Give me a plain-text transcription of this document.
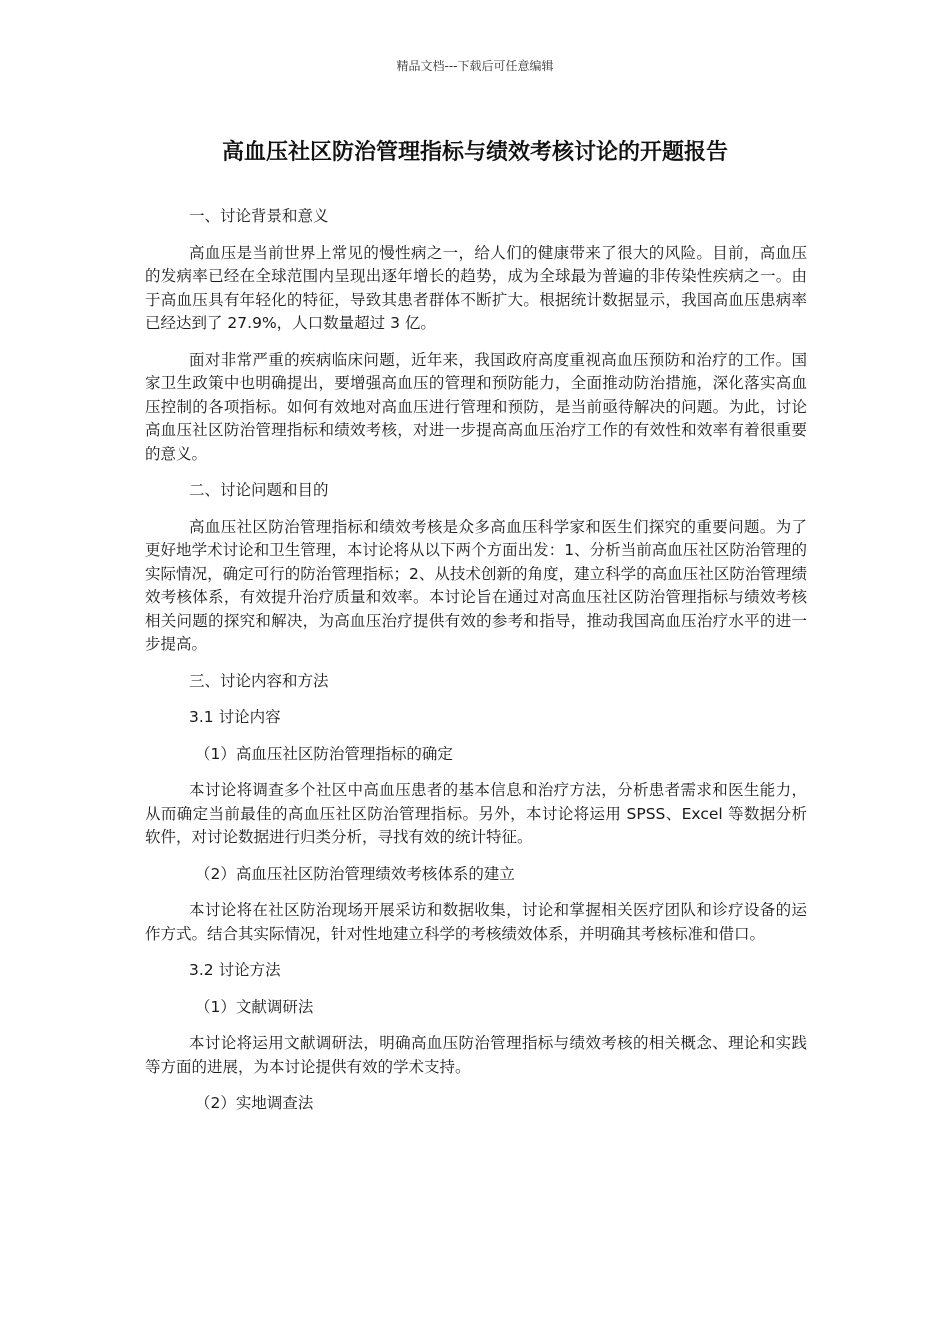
精品文档---下载后可任意编辑
高血压社区防治管理指标与绩效考核讨论的开题报告

一、讨论背景和意义

高血压是当前世界上常见的慢性病之一，给人们的健康带来了很大的风险。目前，高血压的发病率已经在全球范围内呈现出逐年增长的趋势，成为全球最为普遍的非传染性疾病之一。由于高血压具有年轻化的特征，导致其患者群体不断扩大。根据统计数据显示，我国高血压患病率已经达到了 27.9%，人口数量超过 3 亿。

面对非常严重的疾病临床问题，近年来，我国政府高度重视高血压预防和治疗的工作。国家卫生政策中也明确提出，要增强高血压的管理和预防能力，全面推动防治措施，深化落实高血压控制的各项指标。如何有效地对高血压进行管理和预防，是当前亟待解决的问题。为此，讨论高血压社区防治管理指标和绩效考核，对进一步提高高血压治疗工作的有效性和效率有着很重要的意义。

二、讨论问题和目的

高血压社区防治管理指标和绩效考核是众多高血压科学家和医生们探究的重要问题。为了更好地学术讨论和卫生管理，本讨论将从以下两个方面出发：1、分析当前高血压社区防治管理的实际情况，确定可行的防治管理指标；2、从技术创新的角度，建立科学的高血压社区防治管理绩效考核体系，有效提升治疗质量和效率。本讨论旨在通过对高血压社区防治管理指标与绩效考核相关问题的探究和解决，为高血压治疗提供有效的参考和指导，推动我国高血压治疗水平的进一步提高。

三、讨论内容和方法

3.1 讨论内容

（1）高血压社区防治管理指标的确定

本讨论将调查多个社区中高血压患者的基本信息和治疗方法，分析患者需求和医生能力，从而确定当前最佳的高血压社区防治管理指标。另外，本讨论将运用 SPSS、Excel 等数据分析软件，对讨论数据进行归类分析，寻找有效的统计特征。

（2）高血压社区防治管理绩效考核体系的建立

本讨论将在社区防治现场开展采访和数据收集，讨论和掌握相关医疗团队和诊疗设备的运作方式。结合其实际情况，针对性地建立科学的考核绩效体系，并明确其考核标准和借口。

3.2 讨论方法

（1）文献调研法

本讨论将运用文献调研法，明确高血压防治管理指标与绩效考核的相关概念、理论和实践等方面的进展，为本讨论提供有效的学术支持。

（2）实地调查法
